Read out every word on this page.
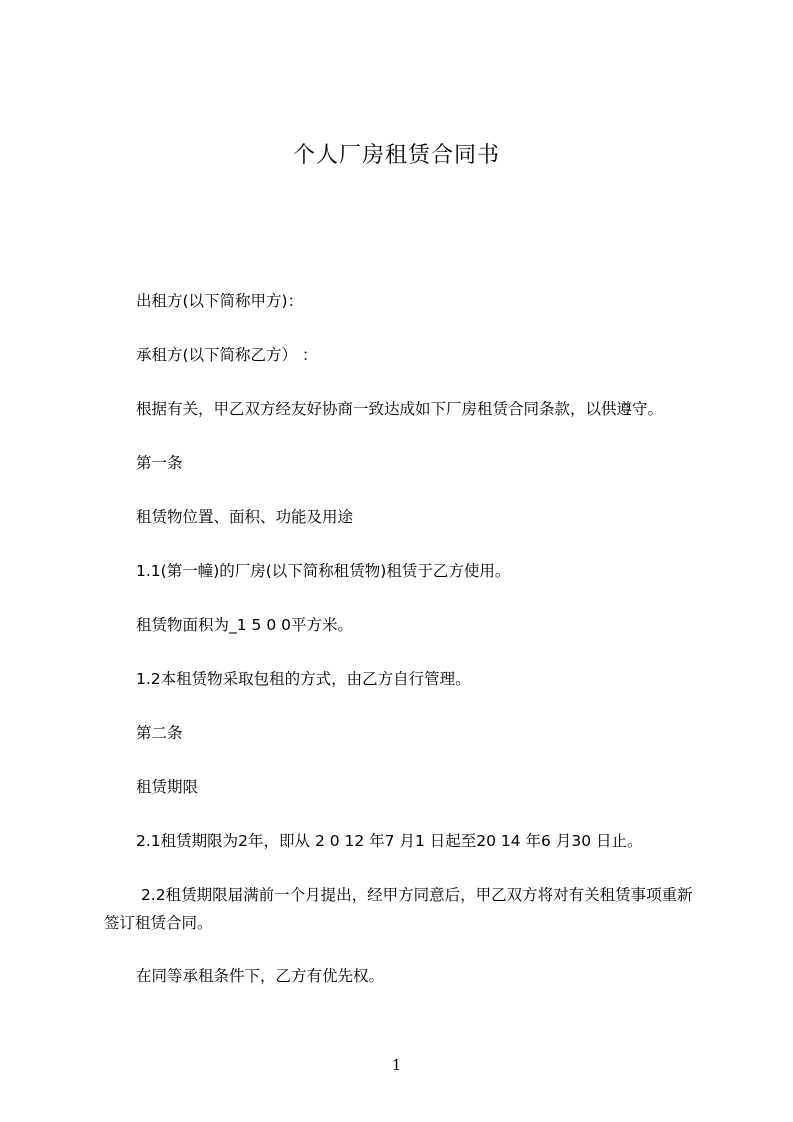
个人厂房租赁合同书
出租方(以下简称甲方)：
承租方(以下简称乙方） ：
根据有关，甲乙双方经友好协商一致达成如下厂房租赁合同条款，以供遵守。
第一条
租赁物位置、面积、功能及用途
1.1(第一幢)的厂房(以下简称租赁物)租赁于乙方使用。
租赁物面积为_1 5 0 0平方米。
1.2本租赁物采取包租的方式，由乙方自行管理。
第二条
租赁期限
2.1租赁期限为2年，即从 2 0 12 年7 月1 日起至20 14 年6 月30 日止。
2.2租赁期限届满前一个月提出，经甲方同意后，甲乙双方将对有关租赁事项重新签订租赁合同。
在同等承租条件下，乙方有优先权。
1
